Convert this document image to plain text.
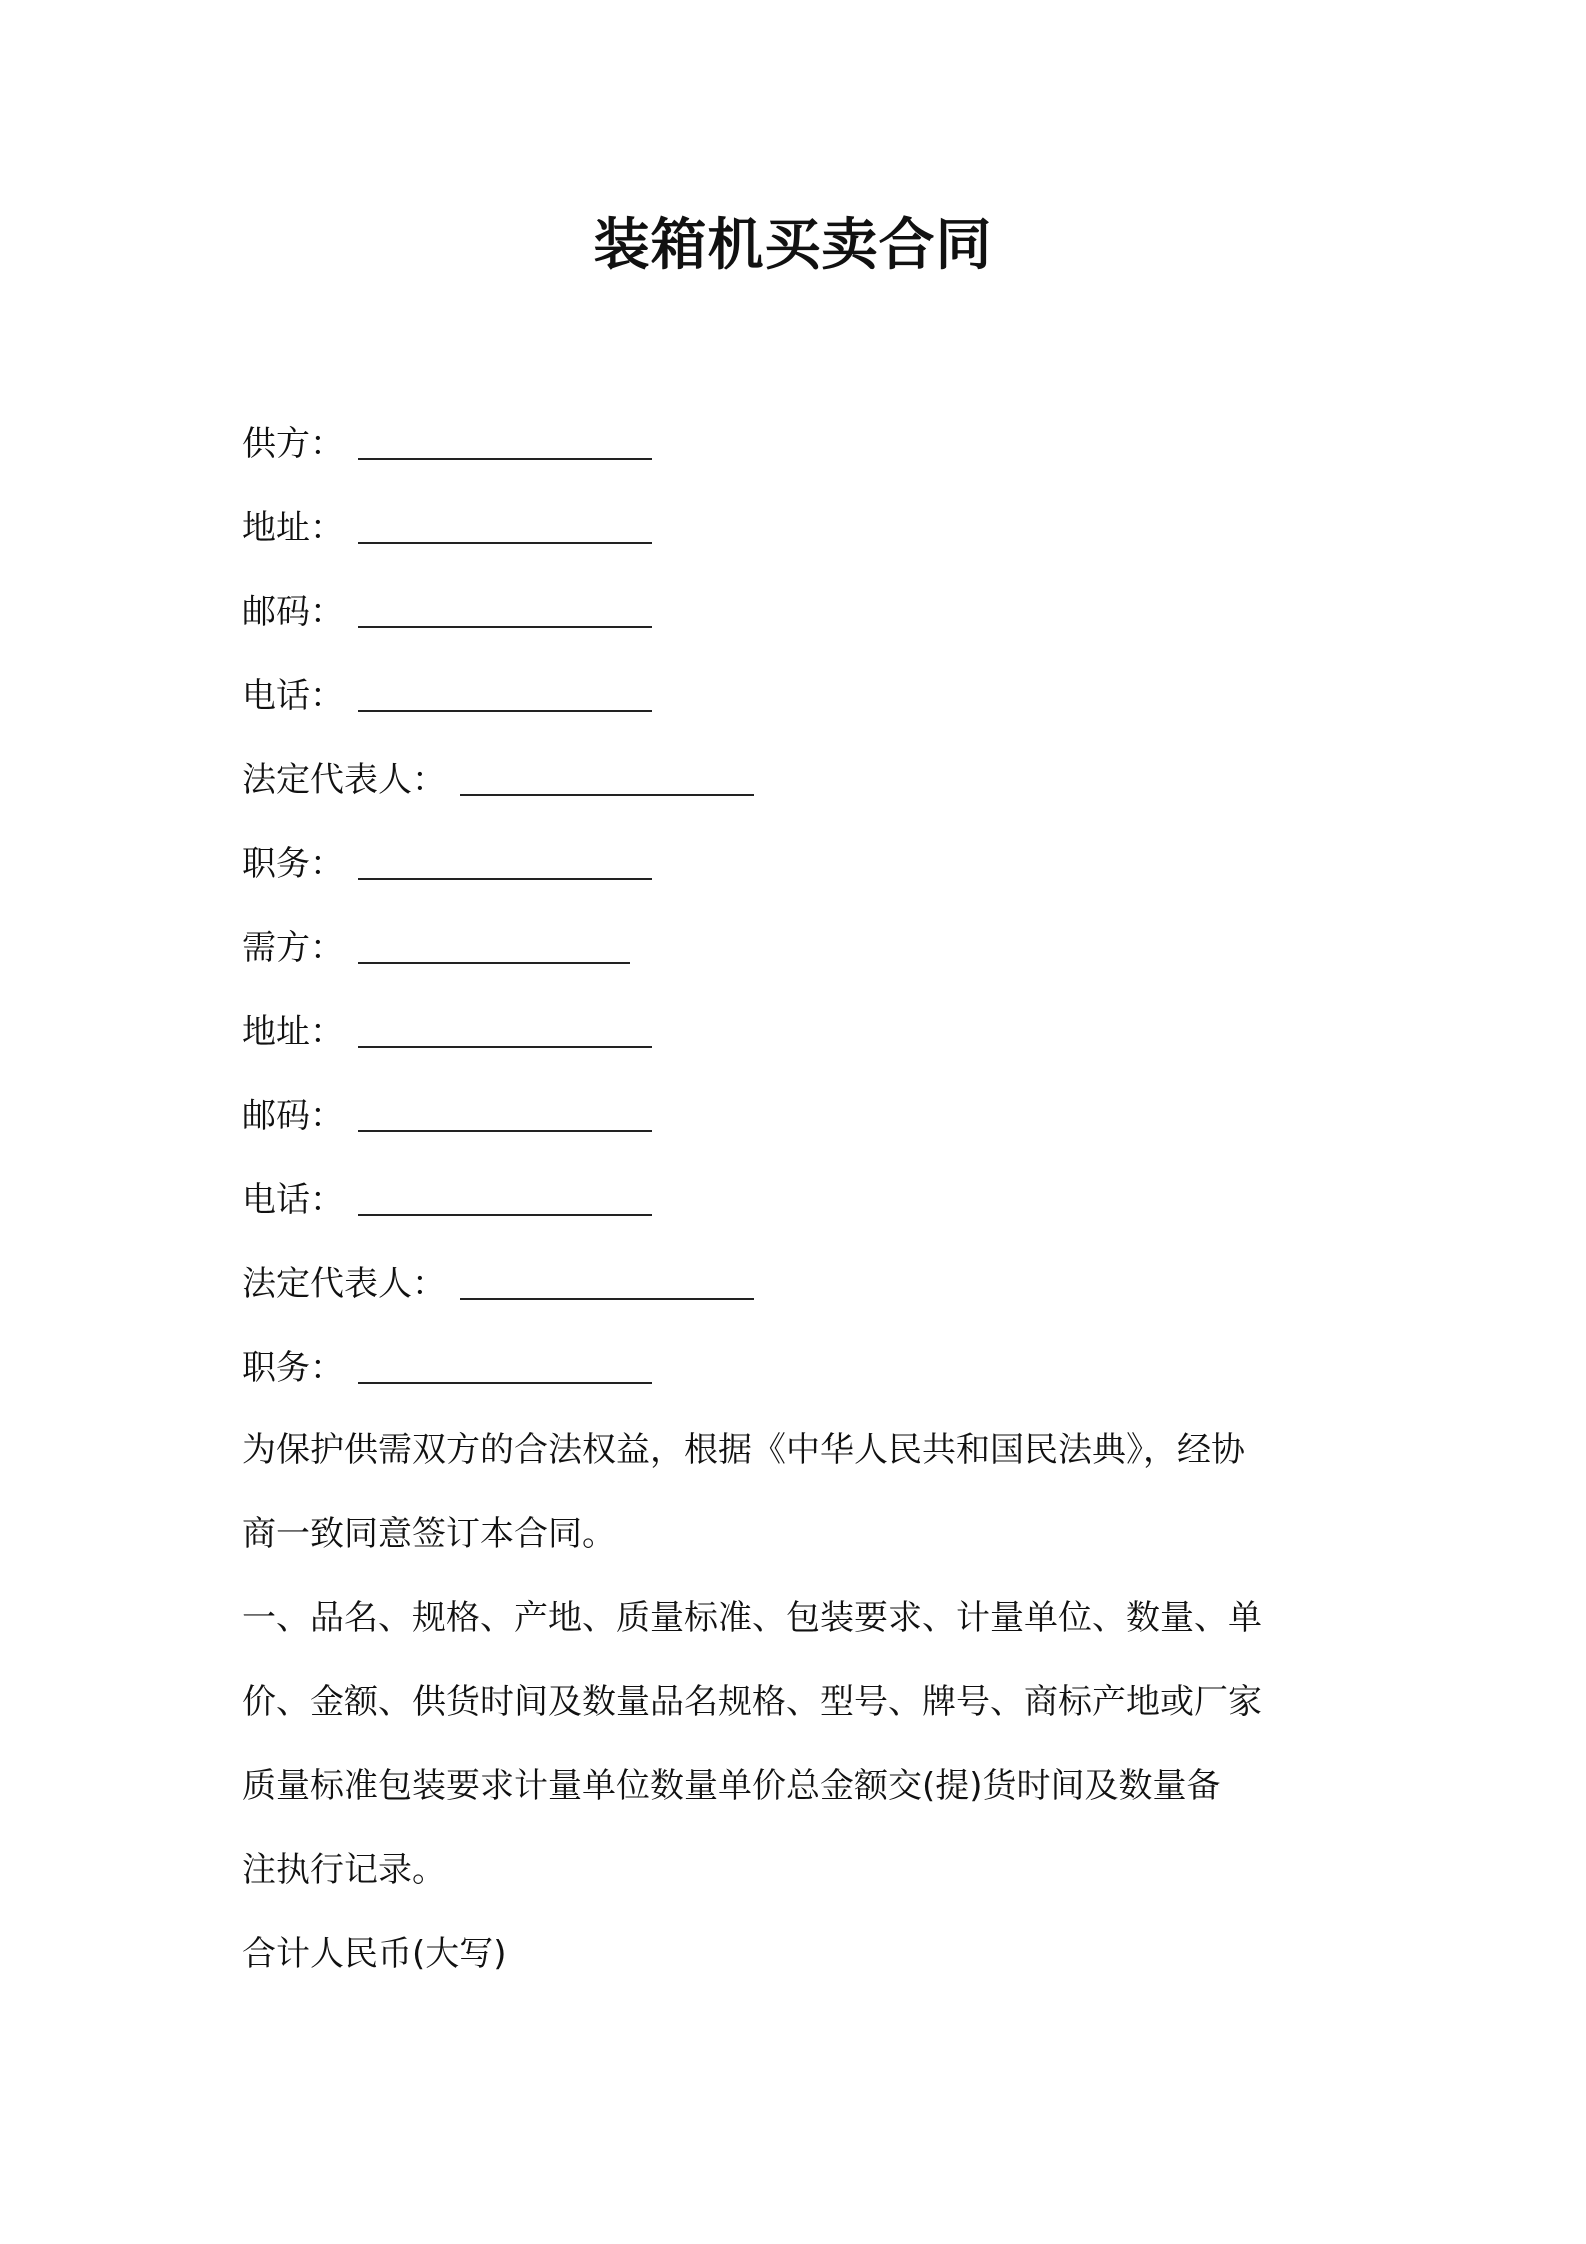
装箱机买卖合同
供方：
地址：
邮码：
电话：
法定代表人：
职务：
需方：
地址：
邮码：
电话：
法定代表人：
职务：
为保护供需双方的合法权益，根据《中华人民共和国民法典》，经协
商一致同意签订本合同。
一、品名、规格、产地、质量标准、包装要求、计量单位、数量、单
价、金额、供货时间及数量品名规格、型号、牌号、商标产地或厂家
质量标准包装要求计量单位数量单价总金额交(提)货时间及数量备
注执行记录。
合计人民币(大写)
